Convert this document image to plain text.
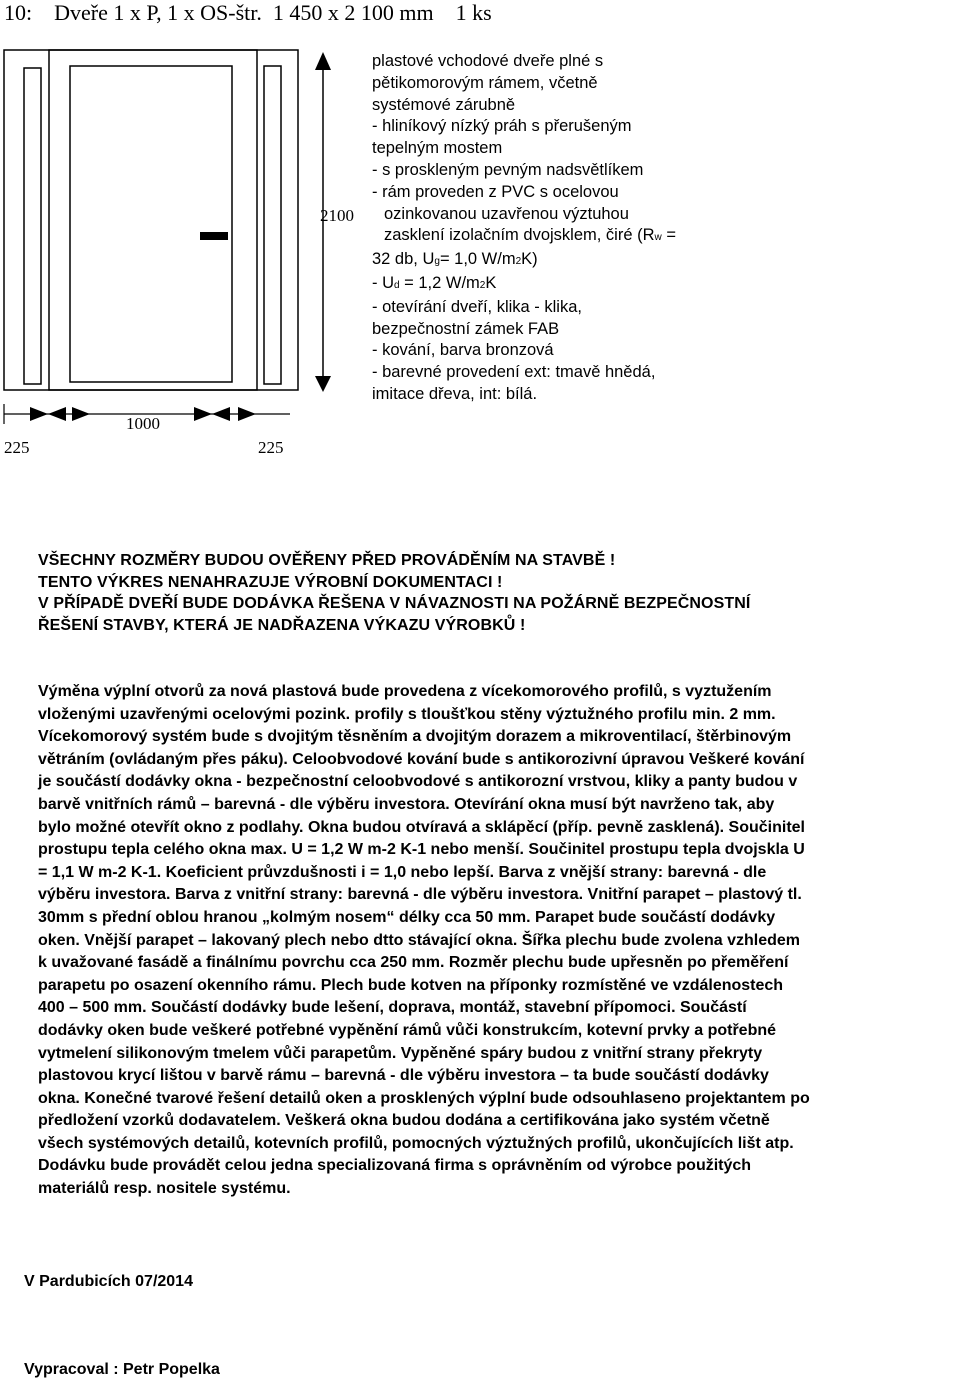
10: Dveře 1 x P, 1 x OS-štr. 1 450 x 2 100 mm 1 ks
2100
1000
225	225
plastové vchodové dveře plné s
pětikomorovým rámem, včetně
systémové zárubně
- hliníkový nízký práh s přerušeným
tepelným mostem
- s proskleným pevným nadsvětlíkem
- rám proveden z PVC s ocelovou
ozinkovanou uzavřenou výztuhou
zasklení izolačním dvojsklem, čiré (Rw =
32 db, Ug= 1,0 W/m2K)
- Ud = 1,2 W/m2K
- otevírání dveří, klika - klika,
bezpečnostní zámek FAB
- kování, barva bronzová
- barevné provedení ext: tmavě hnědá,
imitace dřeva, int: bílá.
VŠECHNY ROZMĚRY BUDOU OVĚŘENY PŘED PROVÁDĚNÍM NA STAVBĚ !
TENTO VÝKRES NENAHRAZUJE VÝROBNÍ DOKUMENTACI !
V PŘÍPADĚ DVEŘÍ BUDE DODÁVKA ŘEŠENA V NÁVAZNOSTI NA POŽÁRNĚ BEZPEČNOSTNÍ
ŘEŠENÍ STAVBY, KTERÁ JE NADŘAZENA VÝKAZU VÝROBKŮ !
Výměna výplní otvorů za nová plastová bude provedena z vícekomorového profilů, s vyztužením
vloženými uzavřenými ocelovými pozink. profily s tloušťkou stěny výztužného profilu min. 2 mm.
Vícekomorový systém bude s dvojitým těsněním a dvojitým dorazem a mikroventilací, štěrbinovým
větráním (ovládaným přes páku). Celoobvodové kování bude s antikorozivní úpravou Veškeré kování
je součástí dodávky okna - bezpečnostní celoobvodové s antikorozní vrstvou, kliky a panty budou v
barvě vnitřních rámů – barevná - dle výběru investora. Otevírání okna musí být navrženo tak, aby
bylo možné otevřít okno z podlahy. Okna budou otvíravá a sklápěcí (příp. pevně zasklená). Součinitel
prostupu tepla celého okna max. U = 1,2 W m-2 K-1 nebo menší. Součinitel prostupu tepla dvojskla U
= 1,1 W m-2 K-1. Koeficient průvzdušnosti i = 1,0 nebo lepší. Barva z vnější strany: barevná - dle
výběru investora. Barva z vnitřní strany: barevná - dle výběru investora. Vnitřní parapet – plastový tl.
30mm s přední oblou hranou „kolmým nosem“ délky cca 50 mm. Parapet bude součástí dodávky
oken. Vnější parapet – lakovaný plech nebo dtto stávající okna. Šířka plechu bude zvolena vzhledem
k uvažované fasádě a finálnímu povrchu cca 250 mm. Rozměr plechu bude upřesněn po přeměření
parapetu po osazení okenního rámu. Plech bude kotven na příponky rozmístěné ve vzdálenostech
400 – 500 mm. Součástí dodávky bude lešení, doprava, montáž, stavební přípomoci. Součástí
dodávky oken bude veškeré potřebné vypěnění rámů vůči konstrukcím, kotevní prvky a potřebné
vytmelení silikonovým tmelem vůči parapetům. Vypěněné spáry budou z vnitřní strany překryty
plastovou krycí lištou v barvě rámu – barevná - dle výběru investora – ta bude součástí dodávky
okna. Konečné tvarové řešení detailů oken a prosklených výplní bude odsouhlaseno projektantem po
předložení vzorků dodavatelem. Veškerá okna budou dodána a certifikována jako systém včetně
všech systémových detailů, kotevních profilů, pomocných výztužných profilů, ukončujících lišt atp.
Dodávku bude provádět celou jedna specializovaná firma s oprávněním od výrobce použitých
materiálů resp. nositele systému.
V Pardubicích 07/2014
Vypracoval : Petr Popelka
